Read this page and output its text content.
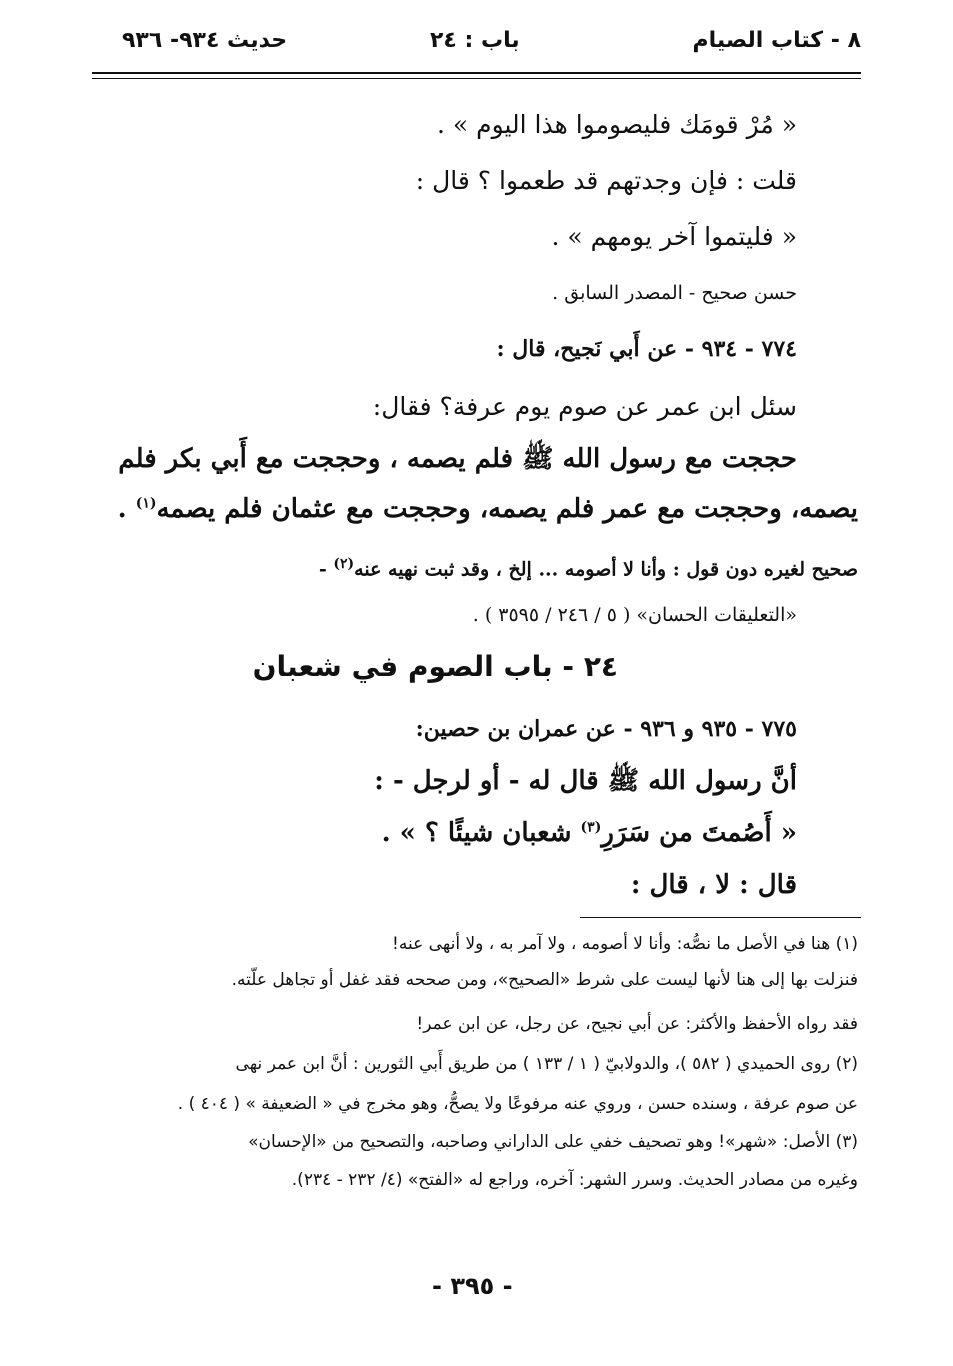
٨ - كتاب الصيام
باب : ٢٤
حديث ٩٣٤- ٩٣٦
« مُرْ قومَك فليصوموا هذا اليوم » .
قلت : فإن وجدتهم قد طعموا ؟ قال :
« فليتموا آخر يومهم » .
حسن صحيح - المصدر السابق .
٧٧٤ - ٩٣٤ - عن أَبي نَجيح، قال :
سئل ابن عمر عن صوم يوم عرفة؟ فقال:
حججت مع رسول الله ﷺ فلم يصمه ، وحججت مع أَبي بكر فلم
يصمه، وحججت مع عمر فلم يصمه، وحججت مع عثمان فلم يصمه$^{(١)}$ .
صحيح لغيره دون قول : وأنا لا أصومه ... إلخ ، وقد ثبت نهيه عنه$^{(٢)}$ -
«التعليقات الحسان» ( ٥ / ٢٤٦ / ٣٥٩٥ ) .
٢٤ - باب الصوم في شعبان
٧٧٥ - ٩٣٥ و ٩٣٦ - عن عمران بن حصين:
أنَّ رسول الله ﷺ قال له - أو لرجل - :
« أَصُمتَ من سَرَرِ$^{(٣)}$ شعبان شيئًا ؟ » .
قال : لا ، قال :
(١) هنا في الأصل ما نصُّه: وأنا لا أصومه ، ولا آمر به ، ولا أنهى عنه!
فنزلت بها إلى هنا لأنها ليست على شرط «الصحيح»، ومن صححه فقد غفل أو تجاهل علّته.
فقد رواه الأحفظ والأكثر: عن أبي نجيح، عن رجل، عن ابن عمر!
(٢) روى الحميدي ( ٥٨٢ )، والدولابيّ ( ١ / ١٣٣ ) من طريق أَبي الثورين : أنَّ ابن عمر نهى
عن صوم عرفة ، وسنده حسن ، وروي عنه مرفوعًا ولا يصحُّ، وهو مخرج في « الضعيفة » ( ٤٠٤ ) .
(٣) الأصل: «شهر»! وهو تصحيف خفي على الداراني وصاحبه، والتصحيح من «الإحسان»
وغيره من مصادر الحديث. وسرر الشهر: آخره، وراجع له «الفتح» (٤/ ٢٣٢ - ٢٣٤).
- ٣٩٥ -
